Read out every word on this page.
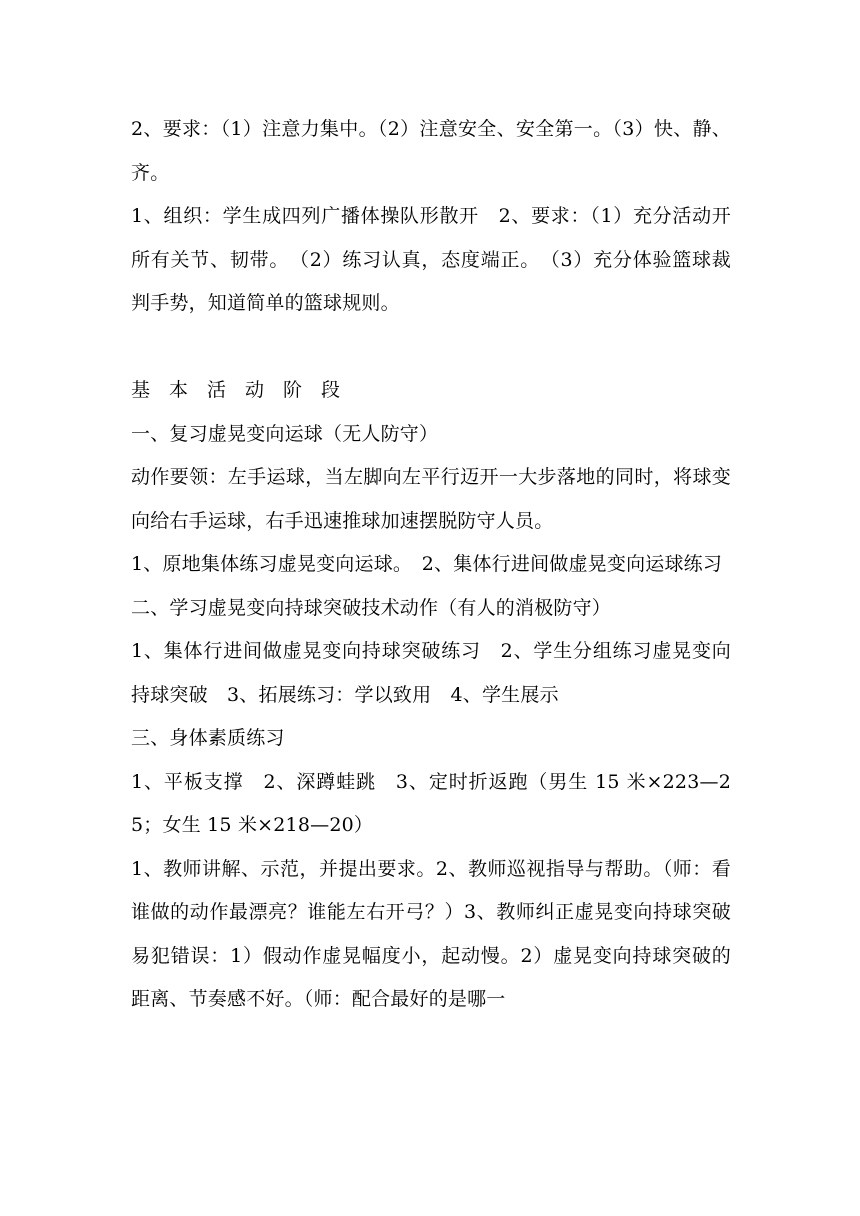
2、要求：（1）注意力集中。（2）注意安全、安全第一。（3）快、静、齐。

1、组织：学生成四列广播体操队形散开　2、要求：（1）充分活动开所有关节、韧带。　（2）练习认真，态度端正。　（3）充分体验篮球裁判手势，知道简单的篮球规则。

基本活动阶段

一、复习虚晃变向运球（无人防守）

动作要领：左手运球，当左脚向左平行迈开一大步落地的同时，将球变向给右手运球，右手迅速推球加速摆脱防守人员。

1、原地集体练习虚晃变向运球。　2、集体行进间做虚晃变向运球练习

二、学习虚晃变向持球突破技术动作（有人的消极防守）

1、集体行进间做虚晃变向持球突破练习　2、学生分组练习虚晃变向持球突破　3、拓展练习：学以致用　4、学生展示

三、身体素质练习

1、平板支撑　2、深蹲蛙跳　3、定时折返跑（男生 15 米×223—25；女生 15 米×218—20）

1、教师讲解、示范，并提出要求。2、教师巡视指导与帮助。（师：看谁做的动作最漂亮？谁能左右开弓？）3、教师纠正虚晃变向持球突破易犯错误：1）假动作虚晃幅度小，起动慢。2）虚晃变向持球突破的距离、节奏感不好。（师：配合最好的是哪一
